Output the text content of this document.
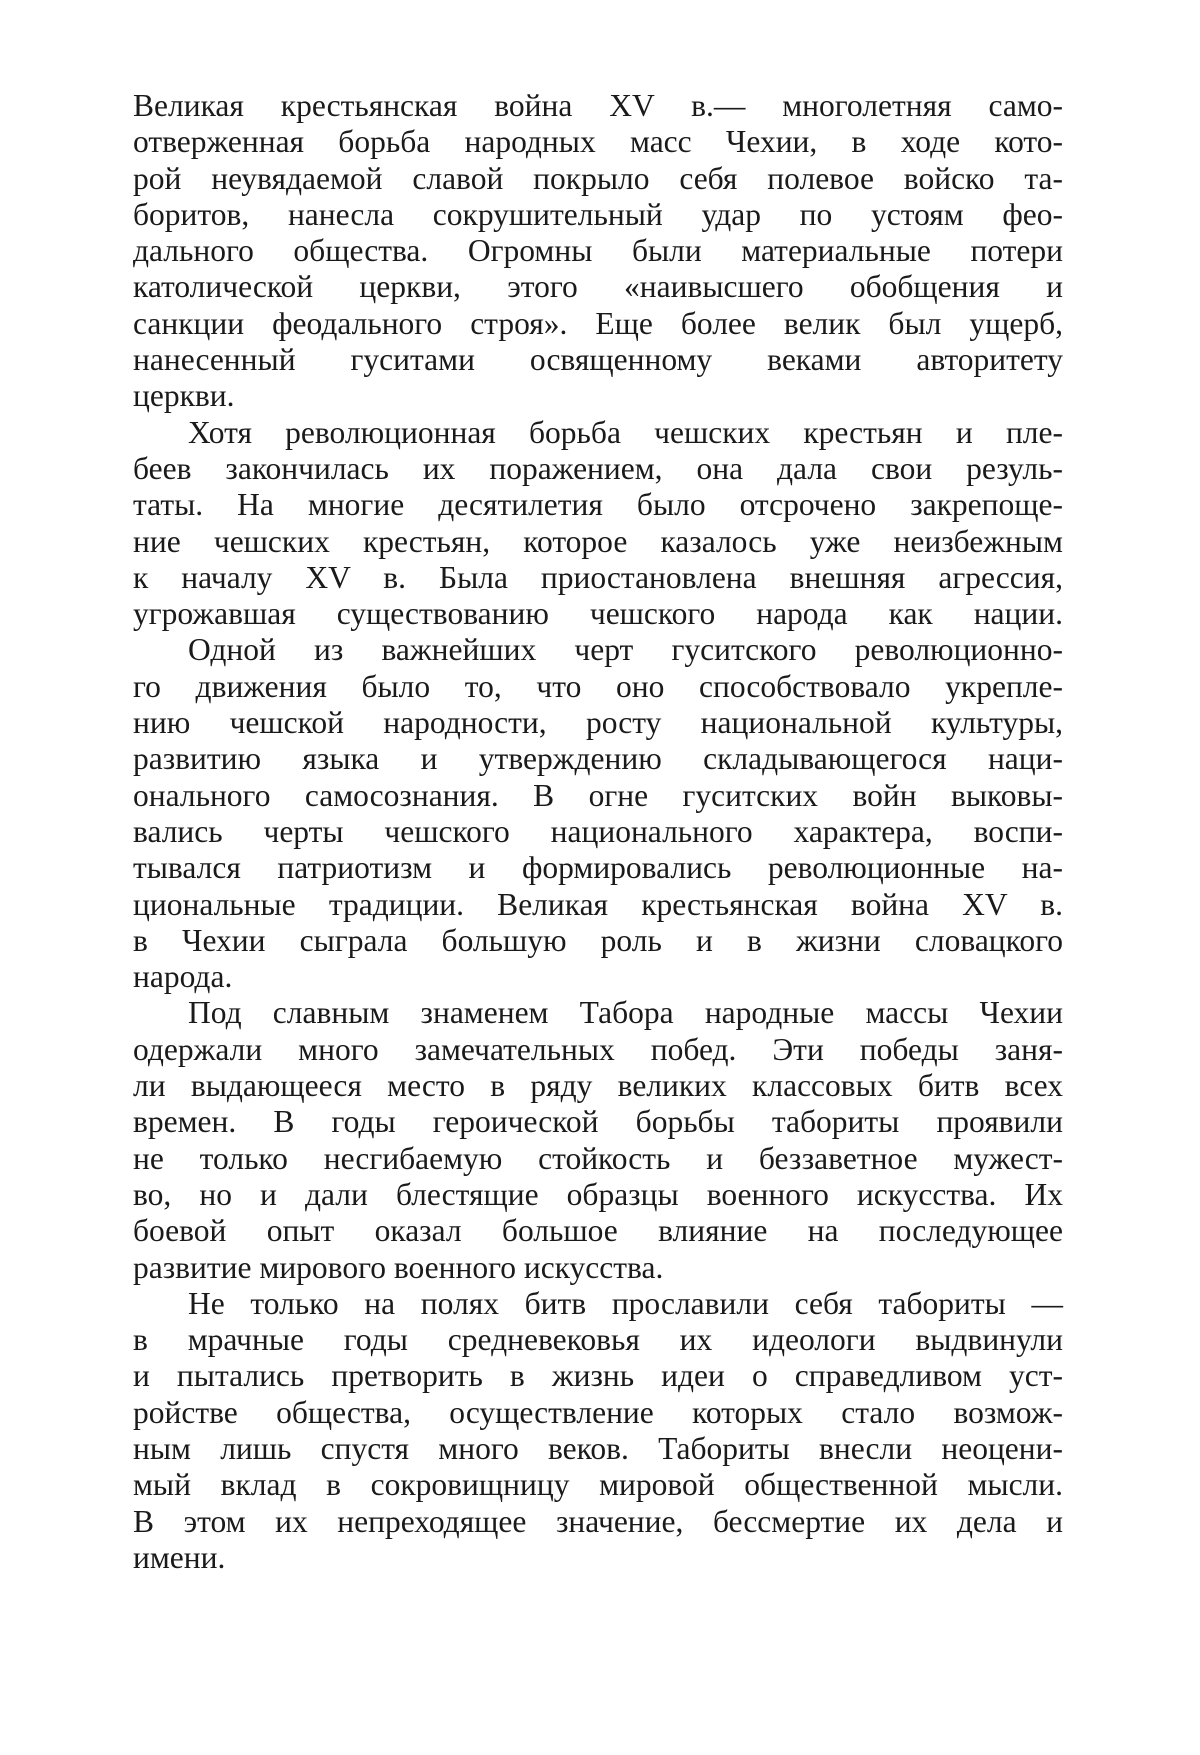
Великая крестьянская война XV в.— многолетняя само-
отверженная борьба народных масс Чехии, в ходе кото-
рой неувядаемой славой покрыло себя полевое войско та-
боритов, нанесла сокрушительный удар по устоям фео-
дального общества. Огромны были материальные потери
католической церкви, этого «наивысшего обобщения и
санкции феодального строя». Еще более велик был ущерб,
нанесенный гуситами освященному веками авторитету
церкви.
Хотя революционная борьба чешских крестьян и пле-
беев закончилась их поражением, она дала свои резуль-
таты. На многие десятилетия было отсрочено закрепоще-
ние чешских крестьян, которое казалось уже неизбежным
к началу XV в. Была приостановлена внешняя агрессия,
угрожавшая существованию чешского народа как нации.
Одной из важнейших черт гуситского революционно-
го движения было то, что оно способствовало укрепле-
нию чешской народности, росту национальной культуры,
развитию языка и утверждению складывающегося наци-
онального самосознания. В огне гуситских войн выковы-
вались черты чешского национального характера, воспи-
тывался патриотизм и формировались революционные на-
циональные традиции. Великая крестьянская война XV в.
в Чехии сыграла большую роль и в жизни словацкого
народа.
Под славным знаменем Табора народные массы Чехии
одержали много замечательных побед. Эти победы заня-
ли выдающееся место в ряду великих классовых битв всех
времен. В годы героической борьбы табориты проявили
не только несгибаемую стойкость и беззаветное мужест-
во, но и дали блестящие образцы военного искусства. Их
боевой опыт оказал большое влияние на последующее
развитие мирового военного искусства.
Не только на полях битв прославили себя табориты —
в мрачные годы средневековья их идеологи выдвинули
и пытались претворить в жизнь идеи о справедливом уст-
ройстве общества, осуществление которых стало возмож-
ным лишь спустя много веков. Табориты внесли неоцени-
мый вклад в сокровищницу мировой общественной мысли.
В этом их непреходящее значение, бессмертие их дела и
имени.
